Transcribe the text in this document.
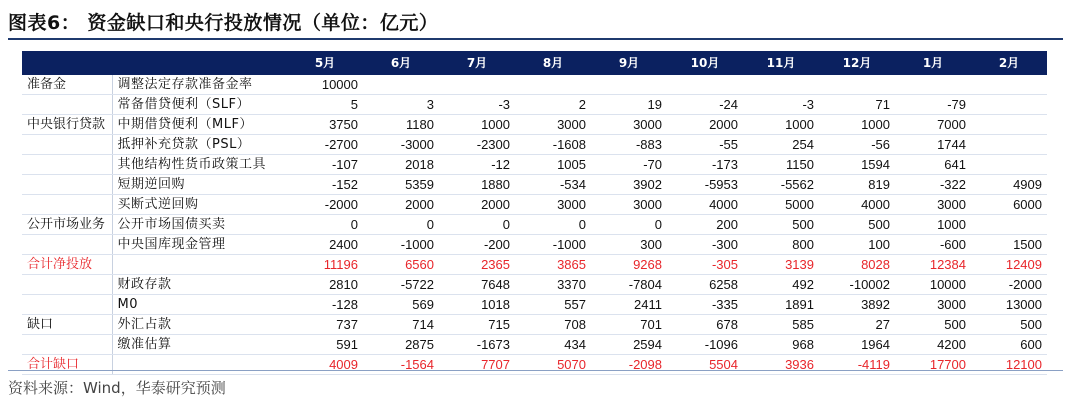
图表6： 资金缺口和央行投放情况（单位：亿元）
		5月	6月	7月	8月	9月	10月	11月	12月	1月	2月
准备金	调整法定存款准备金率	10000									
	常备借贷便利（SLF）	5	3	-3	2	19	-24	-3	71	-79	
中央银行贷款	中期借贷便利（MLF）	3750	1180	1000	3000	3000	2000	1000	1000	7000	
	抵押补充贷款（PSL）	-2700	-3000	-2300	-1608	-883	-55	254	-56	1744	
	其他结构性货币政策工具	-107	2018	-12	1005	-70	-173	1150	1594	641	
	短期逆回购	-152	5359	1880	-534	3902	-5953	-5562	819	-322	4909
	买断式逆回购	-2000	2000	2000	3000	3000	4000	5000	4000	3000	6000
公开市场业务	公开市场国债买卖	0	0	0	0	0	200	500	500	1000	
	中央国库现金管理	2400	-1000	-200	-1000	300	-300	800	100	-600	1500
合计净投放		11196	6560	2365	3865	9268	-305	3139	8028	12384	12409
	财政存款	2810	-5722	7648	3370	-7804	6258	492	-10002	10000	-2000
	M0	-128	569	1018	557	2411	-335	1891	3892	3000	13000
缺口	外汇占款	737	714	715	708	701	678	585	27	500	500
	缴准估算	591	2875	-1673	434	2594	-1096	968	1964	4200	600
合计缺口		4009	-1564	7707	5070	-2098	5504	3936	-4119	17700	12100
资料来源：Wind，华泰研究预测
